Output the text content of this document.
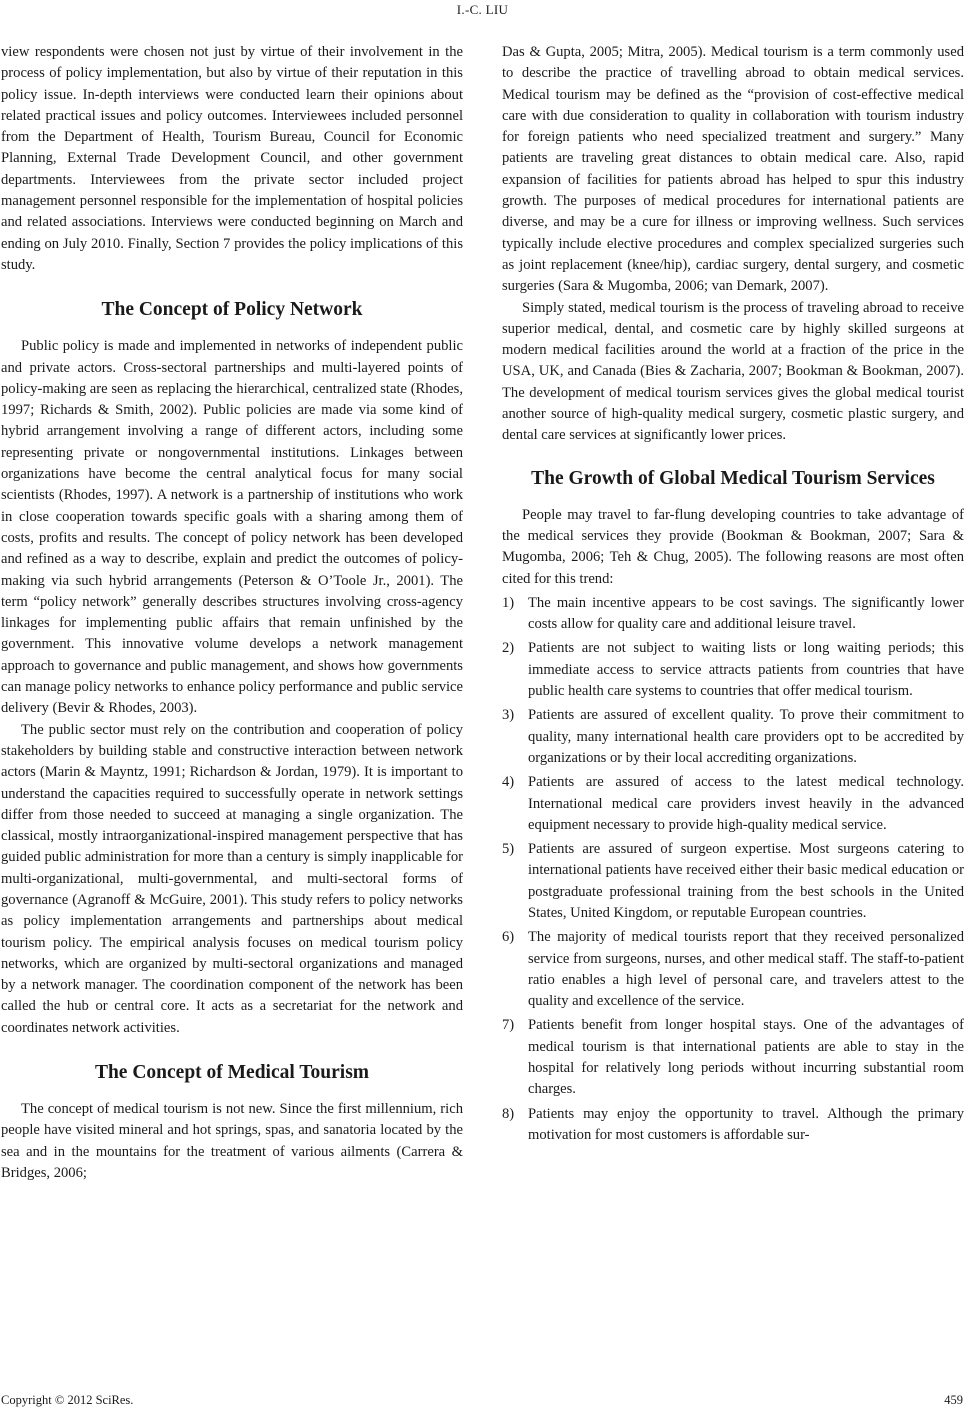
I.-C. LIU

view respondents were chosen not just by virtue of their involvement in the process of policy implementation, but also by virtue of their reputation in this policy issue. In-depth interviews were conducted learn their opinions about related practical issues and policy outcomes. Interviewees included personnel from the Department of Health, Tourism Bureau, Council for Economic Planning, External Trade Development Council, and other government departments. Interviewees from the private sector included project management personnel responsible for the implementation of hospital policies and related associations. Interviews were conducted beginning on March and ending on July 2010. Finally, Section 7 provides the policy implications of this study.

The Concept of Policy Network

Public policy is made and implemented in networks of independent public and private actors. Cross-sectoral partnerships and multi-layered points of policy-making are seen as replacing the hierarchical, centralized state (Rhodes, 1997; Richards & Smith, 2002). Public policies are made via some kind of hybrid arrangement involving a range of different actors, including some representing private or nongovernmental institutions. Linkages between organizations have become the central analytical focus for many social scientists (Rhodes, 1997). A network is a partnership of institutions who work in close cooperation towards specific goals with a sharing among them of costs, profits and results. The concept of policy network has been developed and refined as a way to describe, explain and predict the outcomes of policy-making via such hybrid arrangements (Peterson & O’Toole Jr., 2001). The term “policy network” generally describes structures involving cross-agency linkages for implementing public affairs that remain unfinished by the government. This innovative volume develops a network management approach to governance and public management, and shows how governments can manage policy networks to enhance policy performance and public service delivery (Bevir & Rhodes, 2003).

The public sector must rely on the contribution and cooperation of policy stakeholders by building stable and constructive interaction between network actors (Marin & Mayntz, 1991; Richardson & Jordan, 1979). It is important to understand the capacities required to successfully operate in network settings differ from those needed to succeed at managing a single organization. The classical, mostly intraorganizational-inspired management perspective that has guided public administration for more than a century is simply inapplicable for multi-organizational, multi-governmental, and multi-sectoral forms of governance (Agranoff & McGuire, 2001). This study refers to policy networks as policy implementation arrangements and partnerships about medical tourism policy. The empirical analysis focuses on medical tourism policy networks, which are organized by multi-sectoral organizations and managed by a network manager. The coordination component of the network has been called the hub or central core. It acts as a secretariat for the network and coordinates network activities.

The Concept of Medical Tourism

The concept of medical tourism is not new. Since the first millennium, rich people have visited mineral and hot springs, spas, and sanatoria located by the sea and in the mountains for the treatment of various ailments (Carrera & Bridges, 2006;

Das & Gupta, 2005; Mitra, 2005). Medical tourism is a term commonly used to describe the practice of travelling abroad to obtain medical services. Medical tourism may be defined as the “provision of cost-effective medical care with due consideration to quality in collaboration with tourism industry for foreign patients who need specialized treatment and surgery.” Many patients are traveling great distances to obtain medical care. Also, rapid expansion of facilities for patients abroad has helped to spur this industry growth. The purposes of medical procedures for international patients are diverse, and may be a cure for illness or improving wellness. Such services typically include elective procedures and complex specialized surgeries such as joint replacement (knee/hip), cardiac surgery, dental surgery, and cosmetic surgeries (Sara & Mugomba, 2006; van Demark, 2007).

Simply stated, medical tourism is the process of traveling abroad to receive superior medical, dental, and cosmetic care by highly skilled surgeons at modern medical facilities around the world at a fraction of the price in the USA, UK, and Canada (Bies & Zacharia, 2007; Bookman & Bookman, 2007). The development of medical tourism services gives the global medical tourist another source of high-quality medical surgery, cosmetic plastic surgery, and dental care services at significantly lower prices.

The Growth of Global Medical Tourism Services

People may travel to far-flung developing countries to take advantage of the medical services they provide (Bookman & Bookman, 2007; Sara & Mugomba, 2006; Teh & Chug, 2005). The following reasons are most often cited for this trend:

1) The main incentive appears to be cost savings. The significantly lower costs allow for quality care and additional leisure travel.
2) Patients are not subject to waiting lists or long waiting periods; this immediate access to service attracts patients from countries that have public health care systems to countries that offer medical tourism.
3) Patients are assured of excellent quality. To prove their commitment to quality, many international health care providers opt to be accredited by organizations or by their local accrediting organizations.
4) Patients are assured of access to the latest medical technology. International medical care providers invest heavily in the advanced equipment necessary to provide high-quality medical service.
5) Patients are assured of surgeon expertise. Most surgeons catering to international patients have received either their basic medical education or postgraduate professional training from the best schools in the United States, United Kingdom, or reputable European countries.
6) The majority of medical tourists report that they received personalized service from surgeons, nurses, and other medical staff. The staff-to-patient ratio enables a high level of personal care, and travelers attest to the quality and excellence of the service.
7) Patients benefit from longer hospital stays. One of the advantages of medical tourism is that international patients are able to stay in the hospital for relatively long periods without incurring substantial room charges.
8) Patients may enjoy the opportunity to travel. Although the primary motivation for most customers is affordable sur-
Copyright © 2012 SciRes.	459
